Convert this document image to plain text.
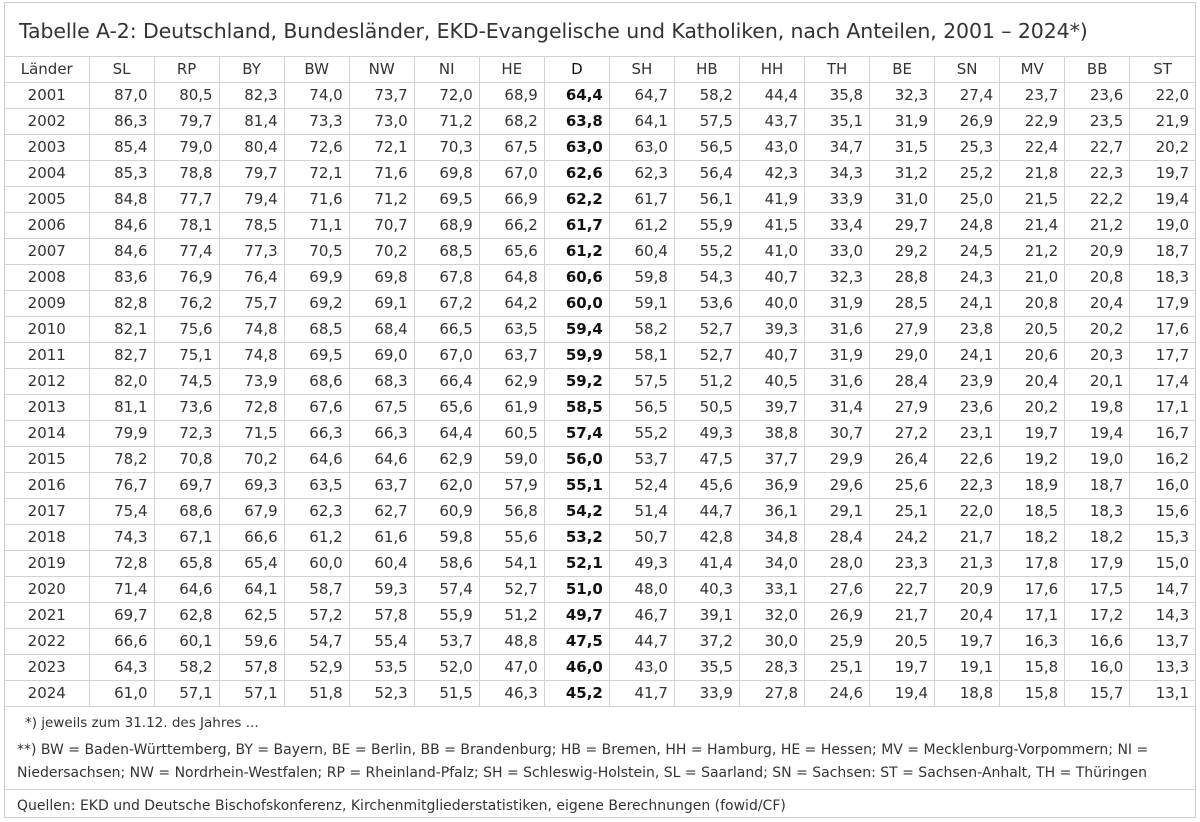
Tabelle A-2: Deutschland, Bundesländer, EKD-Evangelische und Katholiken, nach Anteilen, 2001 – 2024*)
Länder	SL	RP	BY	BW	NW	NI	HE	D	SH	HB	HH	TH	BE	SN	MV	BB	ST
2001	87,0	80,5	82,3	74,0	73,7	72,0	68,9	64,4	64,7	58,2	44,4	35,8	32,3	27,4	23,7	23,6	22,0
2002	86,3	79,7	81,4	73,3	73,0	71,2	68,2	63,8	64,1	57,5	43,7	35,1	31,9	26,9	22,9	23,5	21,9
2003	85,4	79,0	80,4	72,6	72,1	70,3	67,5	63,0	63,0	56,5	43,0	34,7	31,5	25,3	22,4	22,7	20,2
2004	85,3	78,8	79,7	72,1	71,6	69,8	67,0	62,6	62,3	56,4	42,3	34,3	31,2	25,2	21,8	22,3	19,7
2005	84,8	77,7	79,4	71,6	71,2	69,5	66,9	62,2	61,7	56,1	41,9	33,9	31,0	25,0	21,5	22,2	19,4
2006	84,6	78,1	78,5	71,1	70,7	68,9	66,2	61,7	61,2	55,9	41,5	33,4	29,7	24,8	21,4	21,2	19,0
2007	84,6	77,4	77,3	70,5	70,2	68,5	65,6	61,2	60,4	55,2	41,0	33,0	29,2	24,5	21,2	20,9	18,7
2008	83,6	76,9	76,4	69,9	69,8	67,8	64,8	60,6	59,8	54,3	40,7	32,3	28,8	24,3	21,0	20,8	18,3
2009	82,8	76,2	75,7	69,2	69,1	67,2	64,2	60,0	59,1	53,6	40,0	31,9	28,5	24,1	20,8	20,4	17,9
2010	82,1	75,6	74,8	68,5	68,4	66,5	63,5	59,4	58,2	52,7	39,3	31,6	27,9	23,8	20,5	20,2	17,6
2011	82,7	75,1	74,8	69,5	69,0	67,0	63,7	59,9	58,1	52,7	40,7	31,9	29,0	24,1	20,6	20,3	17,7
2012	82,0	74,5	73,9	68,6	68,3	66,4	62,9	59,2	57,5	51,2	40,5	31,6	28,4	23,9	20,4	20,1	17,4
2013	81,1	73,6	72,8	67,6	67,5	65,6	61,9	58,5	56,5	50,5	39,7	31,4	27,9	23,6	20,2	19,8	17,1
2014	79,9	72,3	71,5	66,3	66,3	64,4	60,5	57,4	55,2	49,3	38,8	30,7	27,2	23,1	19,7	19,4	16,7
2015	78,2	70,8	70,2	64,6	64,6	62,9	59,0	56,0	53,7	47,5	37,7	29,9	26,4	22,6	19,2	19,0	16,2
2016	76,7	69,7	69,3	63,5	63,7	62,0	57,9	55,1	52,4	45,6	36,9	29,6	25,6	22,3	18,9	18,7	16,0
2017	75,4	68,6	67,9	62,3	62,7	60,9	56,8	54,2	51,4	44,7	36,1	29,1	25,1	22,0	18,5	18,3	15,6
2018	74,3	67,1	66,6	61,2	61,6	59,8	55,6	53,2	50,7	42,8	34,8	28,4	24,2	21,7	18,2	18,2	15,3
2019	72,8	65,8	65,4	60,0	60,4	58,6	54,1	52,1	49,3	41,4	34,0	28,0	23,3	21,3	17,8	17,9	15,0
2020	71,4	64,6	64,1	58,7	59,3	57,4	52,7	51,0	48,0	40,3	33,1	27,6	22,7	20,9	17,6	17,5	14,7
2021	69,7	62,8	62,5	57,2	57,8	55,9	51,2	49,7	46,7	39,1	32,0	26,9	21,7	20,4	17,1	17,2	14,3
2022	66,6	60,1	59,6	54,7	55,4	53,7	48,8	47,5	44,7	37,2	30,0	25,9	20,5	19,7	16,3	16,6	13,7
2023	64,3	58,2	57,8	52,9	53,5	52,0	47,0	46,0	43,0	35,5	28,3	25,1	19,7	19,1	15,8	16,0	13,3
2024	61,0	57,1	57,1	51,8	52,3	51,5	46,3	45,2	41,7	33,9	27,8	24,6	19,4	18,8	15,8	15,7	13,1
*) jeweils zum 31.12. des Jahres ...
**) BW = Baden-Württemberg, BY = Bayern, BE = Berlin, BB = Brandenburg; HB = Bremen, HH = Hamburg, HE = Hessen; MV = Mecklenburg-Vorpommern; NI = Niedersachsen; NW = Nordrhein-Westfalen; RP = Rheinland-Pfalz; SH = Schleswig-Holstein, SL = Saarland; SN = Sachsen: ST = Sachsen-Anhalt, TH = Thüringen
Quellen: EKD und Deutsche Bischofskonferenz, Kirchenmitgliederstatistiken, eigene Berechnungen (fowid/CF)
